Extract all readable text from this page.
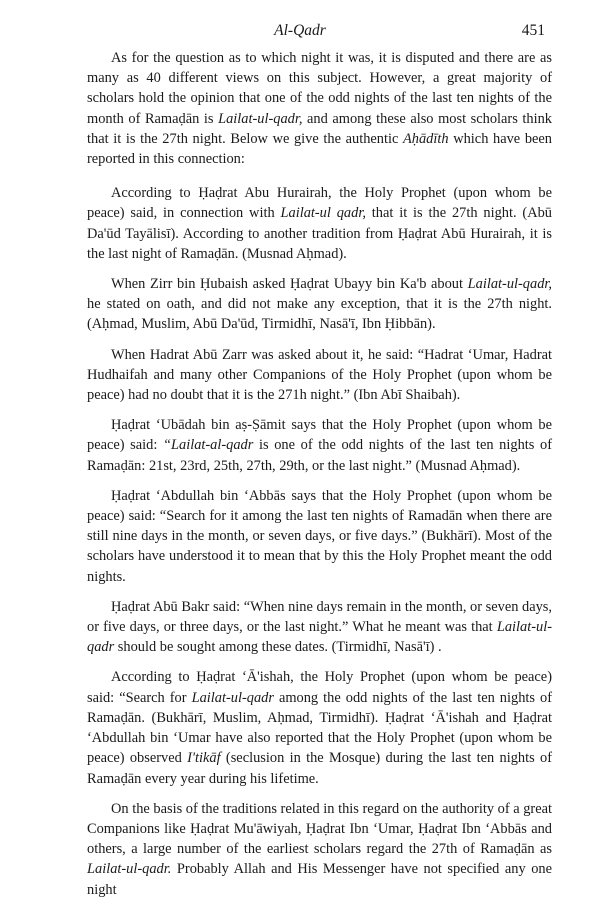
Al-Qadr	451

As for the question as to which night it was, it is disputed and there are as many as 40 different views on this subject. However, a great majority of scholars hold the opinion that one of the odd nights of the last ten nights of the month of Ramaḍān is Lailat-ul-qadr, and among these also most scholars think that it is the 27th night. Below we give the authentic Aḥādīth which have been reported in this connection:

According to Ḥaḍrat Abu Hurairah, the Holy Prophet (upon whom be peace) said, in connection with Lailat-ul qadr, that it is the 27th night. (Abū Da'ūd Tayālisī). According to another tradition from Ḥaḍrat Abū Hurairah, it is the last night of Ramaḍān. (Musnad Aḥmad).

When Zirr bin Ḥubaish asked Ḥaḍrat Ubayy bin Ka'b about Lailat-ul-qadr, he stated on oath, and did not make any exception, that it is the 27th night. (Aḥmad, Muslim, Abū Da'ūd, Tirmidhī, Nasā'ī, Ibn Ḥibbān).

When Hadrat Abū Zarr was asked about it, he said: “Hadrat ‘Umar, Hadrat Hudhaifah and many other Companions of the Holy Prophet (upon whom be peace) had no doubt that it is the 271h night.” (Ibn Abī Shaibah).

Ḥaḍrat ‘Ubādah bin aṣ-Ṣāmit says that the Holy Prophet (upon whom be peace) said: “Lailat-al-qadr is one of the odd nights of the last ten nights of Ramaḍān: 21st, 23rd, 25th, 27th, 29th, or the last night.” (Musnad Aḥmad).

Ḥaḍrat ‘Abdullah bin ‘Abbās says that the Holy Prophet (upon whom be peace) said: “Search for it among the last ten nights of Ramadān when there are still nine days in the month, or seven days, or five days.” (Bukhārī). Most of the scholars have understood it to mean that by this the Holy Prophet meant the odd nights.

Ḥaḍrat Abū Bakr said: “When nine days remain in the month, or seven days, or five days, or three days, or the last night.” What he meant was that Lailat-ul-qadr should be sought among these dates. (Tirmidhī, Nasā'ī) .

According to Ḥaḍrat ‘Ā'ishah, the Holy Prophet (upon whom be peace) said: “Search for Lailat-ul-qadr among the odd nights of the last ten nights of Ramaḍān. (Bukhārī, Muslim, Aḥmad, Tirmidhī). Ḥaḍrat ‘Ā'ishah and Ḥaḍrat ‘Abdullah bin ‘Umar have also reported that the Holy Prophet (upon whom be peace) observed I'tikāf (seclusion in the Mosque) during the last ten nights of Ramaḍān every year during his lifetime.

On the basis of the traditions related in this regard on the authority of a great Companions like Ḥaḍrat Mu'āwiyah, Ḥaḍrat Ibn ‘Umar, Ḥaḍrat Ibn ‘Abbās and others, a large number of the earliest scholars regard the 27th of Ramaḍān as Lailat-ul-qadr. Probably Allah and His Messenger have not specified any one night
